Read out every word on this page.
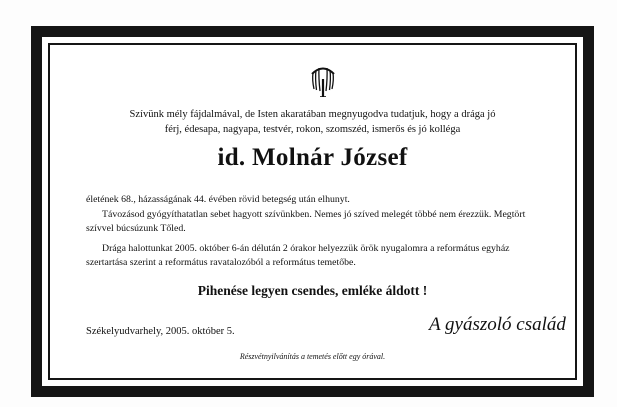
Szívünk mély fájdalmával, de Isten akaratában megnyugodva tudatjuk, hogy a drága jó
férj, édesapa, nagyapa, testvér, rokon, szomszéd, ismerős és jó kolléga
id. Molnár József
életének 68., házasságának 44. évében rövid betegség után elhunyt.
Távozásod gyógyíthatatlan sebet hagyott szívünkben. Nemes jó szíved melegét többé nem érezzük. Megtört szívvel búcsúzunk Tőled.
Drága halottunkat 2005. október 6-án délután 2 órakor helyezzük örök nyugalomra a református egyház szertartása szerint a református ravatalozóból a református temetőbe.
Pihenése legyen csendes, emléke áldott !
Székelyudvarhely, 2005. október 5.	A gyászoló család
Részvétnyilvánítás a temetés előtt egy órával.
